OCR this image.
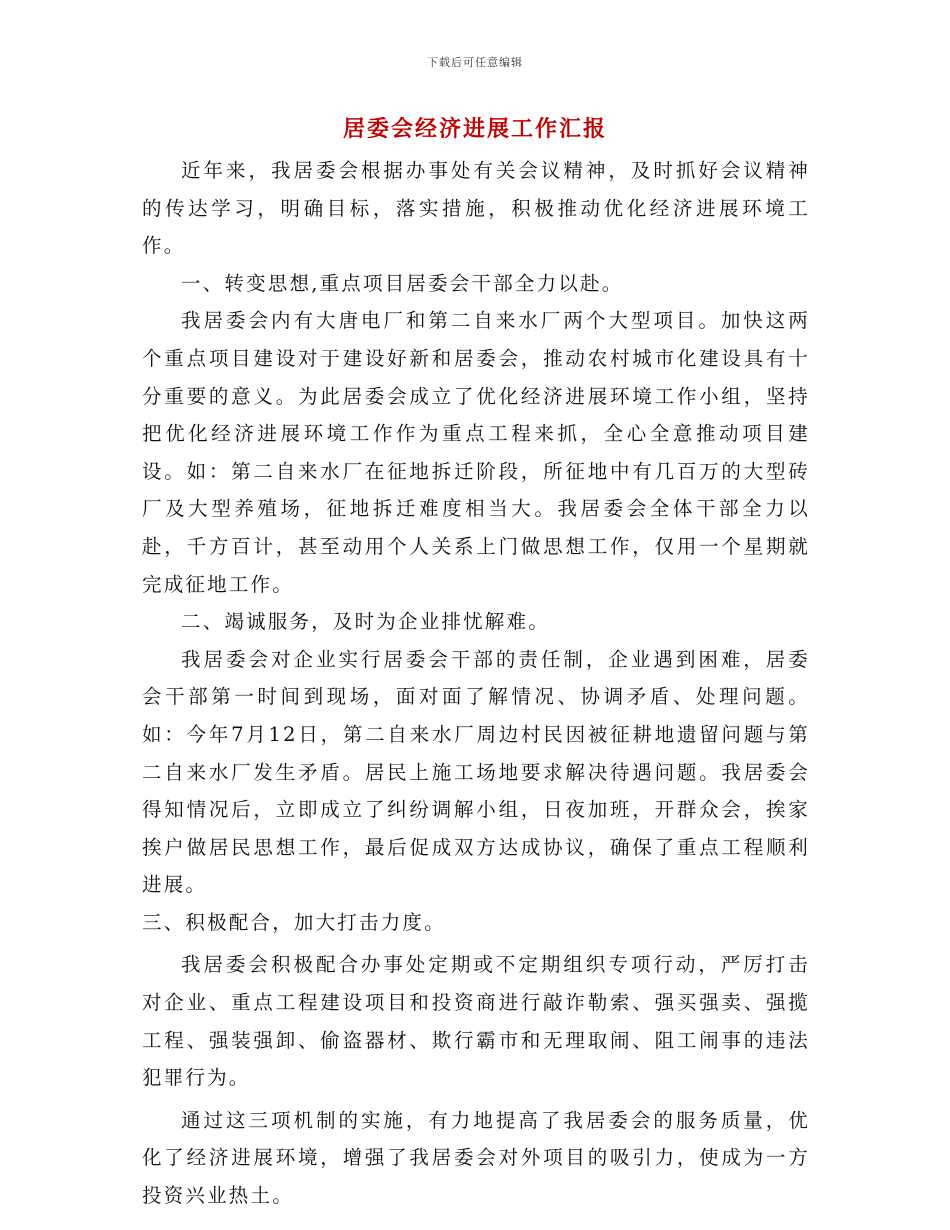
下载后可任意编辑
居委会经济进展工作汇报

近年来，我居委会根据办事处有关会议精神，及时抓好会议精神的传达学习，明确目标，落实措施，积极推动优化经济进展环境工作。

一、转变思想,重点项目居委会干部全力以赴。

我居委会内有大唐电厂和第二自来水厂两个大型项目。加快这两个重点项目建设对于建设好新和居委会，推动农村城市化建设具有十分重要的意义。为此居委会成立了优化经济进展环境工作小组，坚持把优化经济进展环境工作作为重点工程来抓，全心全意推动项目建设。如：第二自来水厂在征地拆迁阶段，所征地中有几百万的大型砖厂及大型养殖场，征地拆迁难度相当大。我居委会全体干部全力以赴，千方百计，甚至动用个人关系上门做思想工作，仅用一个星期就完成征地工作。

二、竭诚服务，及时为企业排忧解难。

我居委会对企业实行居委会干部的责任制，企业遇到困难，居委会干部第一时间到现场，面对面了解情况、协调矛盾、处理问题。如：今年7月12日，第二自来水厂周边村民因被征耕地遗留问题与第二自来水厂发生矛盾。居民上施工场地要求解决待遇问题。我居委会得知情况后，立即成立了纠纷调解小组，日夜加班，开群众会，挨家挨户做居民思想工作，最后促成双方达成协议，确保了重点工程顺利进展。

三、积极配合，加大打击力度。

我居委会积极配合办事处定期或不定期组织专项行动，严厉打击对企业、重点工程建设项目和投资商进行敲诈勒索、强买强卖、强揽工程、强装强卸、偷盗器材、欺行霸市和无理取闹、阻工闹事的违法犯罪行为。

通过这三项机制的实施，有力地提高了我居委会的服务质量，优化了经济进展环境，增强了我居委会对外项目的吸引力，使成为一方投资兴业热土。
